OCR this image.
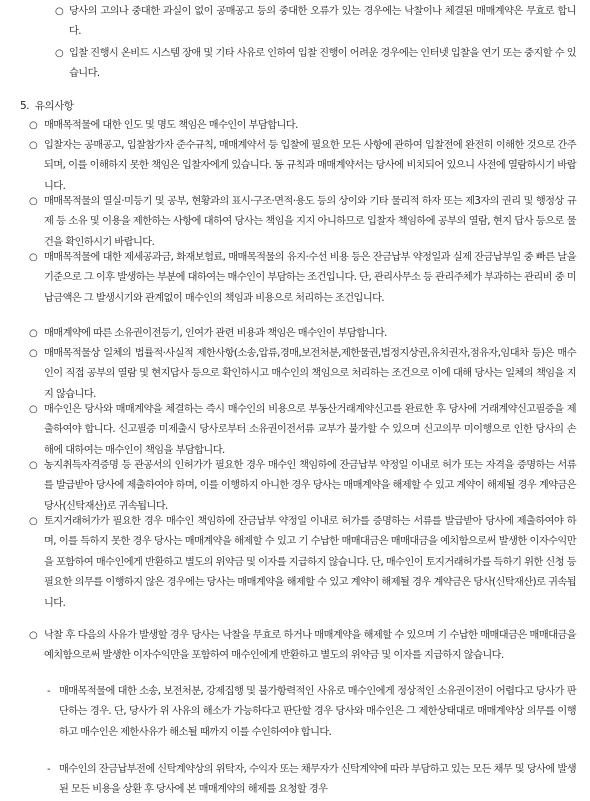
○ 당사의 고의나 중대한 과실이 없이 공매공고 등의 중대한 오류가 있는 경우에는 낙찰이나 체결된 매매계약은 무효로 합니다.
○ 입찰 진행시 온비드 시스템 장애 및 기타 사유로 인하여 입찰 진행이 어려운 경우에는 인터넷 입찰을 연기 또는 중지할 수 있습니다.
5. 유의사항
○ 매매목적물에 대한 인도 및 명도 책임은 매수인이 부담합니다.
○ 입찰자는 공매공고, 입찰참가자 준수규칙, 매매계약서 등 입찰에 필요한 모든 사항에 관하여 입찰전에 완전히 이해한 것으로 간주되며, 이를 이해하지 못한 책임은 입찰자에게 있습니다. 동 규칙과 매매계약서는 당사에 비치되어 있으니 사전에 열람하시기 바랍니다.
○ 매매목적물의 열실·미등기 및 공부, 현황과의 표시·구조·면적·용도 등의 상이와 기타 물리적 하자 또는 제3자의 권리 및 행정상 규제 등 소유 및 이용을 제한하는 사항에 대하여 당사는 책임을 지지 아니하므로 입찰자 책임하에 공부의 열람, 현지 답사 등으로 물건을 확인하시기 바랍니다.
○ 매매목적물에 대한 제세공과금, 화재보험료, 매매목적물의 유지·수선 비용 등은 잔금납부 약정일과 실제 잔금납부일 중 빠른 날을 기준으로 그 이후 발생하는 부분에 대하여는 매수인이 부담하는 조건입니다. 단, 관리사무소 등 관리주체가 부과하는 관리비 중 미납금액은 그 발생시기와 관계없이 매수인의 책임과 비용으로 처리하는 조건입니다.
○ 매매계약에 따른 소유권이전등기, 인여가 관련 비용과 책임은 매수인이 부담합니다.
○ 매매목적물상 일체의 법률적·사실적 제한사항(소송,압류,경매,보전처분,제한물권,법정지상권,유치권자,점유자,임대차 등)은 매수인이 직접 공부의 열람 및 현지답사 등으로 확인하시고 매수인의 책임으로 처리하는 조건으로 이에 대해 당사는 일체의 책임을 지지 않습니다.
○ 매수인은 당사와 매매계약을 체결하는 즉시 매수인의 비용으로 부동산거래계약신고를 완료한 후 당사에 거래계약신고필증을 제출하여야 합니다. 신고필증 미제출시 당사로부터 소유권이전서류 교부가 불가할 수 있으며 신고의무 미이행으로 인한 당사의 손해에 대하여는 매수인이 책임을 부담합니다.
○ 농지취득자격증명 등 관공서의 인허가가 필요한 경우 매수인 책임하에 잔금납부 약정일 이내로 허가 또는 자격을 증명하는 서류를 발급받아 당사에 제출하여야 하며, 이를 이행하지 아니한 경우 당사는 매매계약을 해제할 수 있고 계약이 해제될 경우 계약금은 당사(신탁재산)로 귀속됩니다.
○ 토지거래허가가 필요한 경우 매수인 책임하에 잔금납부 약정일 이내로 허가를 증명하는 서류를 발급받아 당사에 제출하여야 하며, 이를 득하지 못한 경우 당사는 매매계약을 해제할 수 있고 기 수납한 매매대금은 매매대금을 예치함으로써 발생한 이자수익만을 포함하여 매수인에게 반환하고 별도의 위약금 및 이자를 지급하지 않습니다. 단, 매수인이 토지거래허가를 득하기 위한 신청 등 필요한 의무를 이행하지 않은 경우에는 당사는 매매계약을 해제할 수 있고 계약이 해제될 경우 계약금은 당사(신탁재산)로 귀속됩니다.
○ 낙찰 후 다음의 사유가 발생할 경우 당사는 낙찰을 무효로 하거나 매매계약을 해제할 수 있으며 기 수납한 매매대금은 매매대금을 예치함으로써 발생한 이자수익만을 포함하여 매수인에게 반환하고 별도의 위약금 및 이자를 지급하지 않습니다.
- 매매목적물에 대한 소송, 보전처분, 강제집행 및 불가항력적인 사유로 매수인에게 정상적인 소유권이전이 어렵다고 당사가 판단하는 경우. 단, 당사가 위 사유의 해소가 가능하다고 판단할 경우 당사와 매수인은 그 제한상태대로 매매계약상 의무를 이행하고 매수인은 제한사유가 해소될 때까지 이를 수인하여야 합니다.
- 매수인의 잔금납부전에 신탁계약상의 위탁자, 수익자 또는 채무자가 신탁계약에 따라 부담하고 있는 모든 채무 및 당사에 발생된 모든 비용을 상환 후 당사에 본 매매계약의 해제를 요청할 경우
